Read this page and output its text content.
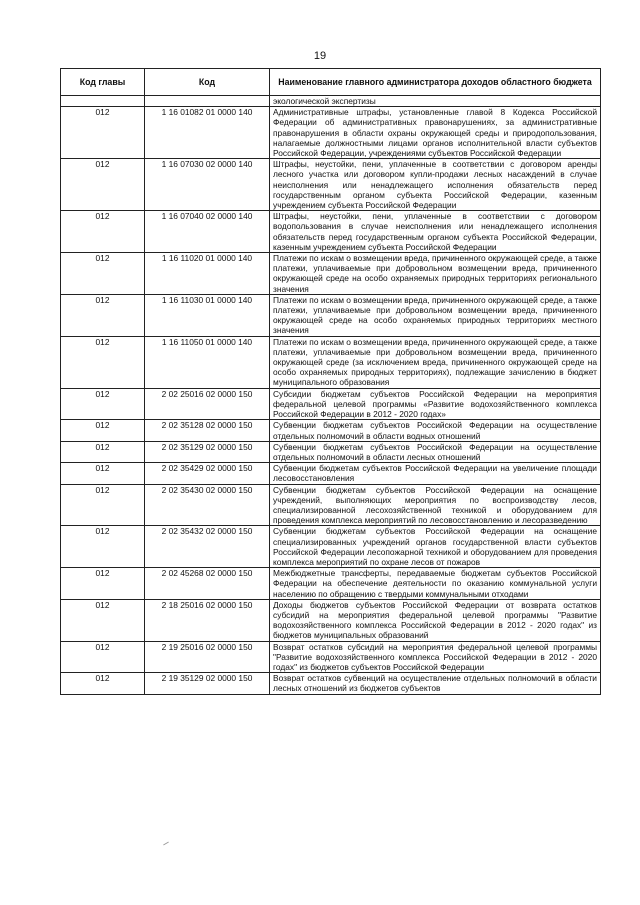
19
Код главы	Код	Наименование главного администратора доходов областного бюджета
		экологической экспертизы
012	1 16 01082 01 0000 140	Административные штрафы, установленные главой 8 Кодекса Российской Федерации об административных правонарушениях, за административные правонарушения в области охраны окружающей среды и природопользования, налагаемые должностными лицами органов исполнительной власти субъектов Российской Федерации, учреждениями субъектов Российской Федерации
012	1 16 07030 02 0000 140	Штрафы, неустойки, пени, уплаченные в соответствии с договором аренды лесного участка или договором купли-продажи лесных насаждений в случае неисполнения или ненадлежащего исполнения обязательств перед государственным органом субъекта Российской Федерации, казенным учреждением субъекта Российской Федерации
012	1 16 07040 02 0000 140	Штрафы, неустойки, пени, уплаченные в соответствии с договором водопользования в случае неисполнения или ненадлежащего исполнения обязательств перед государственным органом субъекта Российской Федерации, казенным учреждением субъекта Российской Федерации
012	1 16 11020 01 0000 140	Платежи по искам о возмещении вреда, причиненного окружающей среде, а также платежи, уплачиваемые при добровольном возмещении вреда, причиненного окружающей среде на особо охраняемых природных территориях регионального значения
012	1 16 11030 01 0000 140	Платежи по искам о возмещении вреда, причиненного окружающей среде, а также платежи, уплачиваемые при добровольном возмещении вреда, причиненного окружающей среде на особо охраняемых природных территориях местного значения
012	1 16 11050 01 0000 140	Платежи по искам о возмещении вреда, причиненного окружающей среде, а также платежи, уплачиваемые при добровольном возмещении вреда, причиненного окружающей среде (за исключением вреда, причиненного окружающей среде на особо охраняемых природных территориях), подлежащие зачислению в бюджет муниципального образования
012	2 02 25016 02 0000 150	Субсидии бюджетам субъектов Российской Федерации на мероприятия федеральной целевой программы «Развитие водохозяйственного комплекса Российской Федерации в 2012 - 2020 годах»
012	2 02 35128 02 0000 150	Субвенции бюджетам субъектов Российской Федерации на осуществление отдельных полномочий в области водных отношений
012	2 02 35129 02 0000 150	Субвенции бюджетам субъектов Российской Федерации на осуществление отдельных полномочий в области лесных отношений
012	2 02 35429 02 0000 150	Субвенции бюджетам субъектов Российской Федерации на увеличение площади лесовосстановления
012	2 02 35430 02 0000 150	Субвенции бюджетам субъектов Российской Федерации на оснащение учреждений, выполняющих мероприятия по воспроизводству лесов, специализированной лесохозяйственной техникой и оборудованием для проведения комплекса мероприятий по лесовосстановлению и лесоразведению
012	2 02 35432 02 0000 150	Субвенции бюджетам субъектов Российской Федерации на оснащение специализированных учреждений органов государственной власти субъектов Российской Федерации лесопожарной техникой и оборудованием для проведения комплекса мероприятий по охране лесов от пожаров
012	2 02 45268 02 0000 150	Межбюджетные трансферты, передаваемые бюджетам субъектов Российской Федерации на обеспечение деятельности по оказанию коммунальной услуги населению по обращению с твердыми коммунальными отходами
012	2 18 25016 02 0000 150	Доходы бюджетов субъектов Российской Федерации от возврата остатков субсидий на мероприятия федеральной целевой программы "Развитие водохозяйственного комплекса Российской Федерации в 2012 - 2020 годах" из бюджетов муниципальных образований
012	2 19 25016 02 0000 150	Возврат остатков субсидий на мероприятия федеральной целевой программы "Развитие водохозяйственного комплекса Российской Федерации в 2012 - 2020 годах" из бюджетов субъектов Российской Федерации
012	2 19 35129 02 0000 150	Возврат остатков субвенций на осуществление отдельных полномочий в области лесных отношений из бюджетов субъектов
